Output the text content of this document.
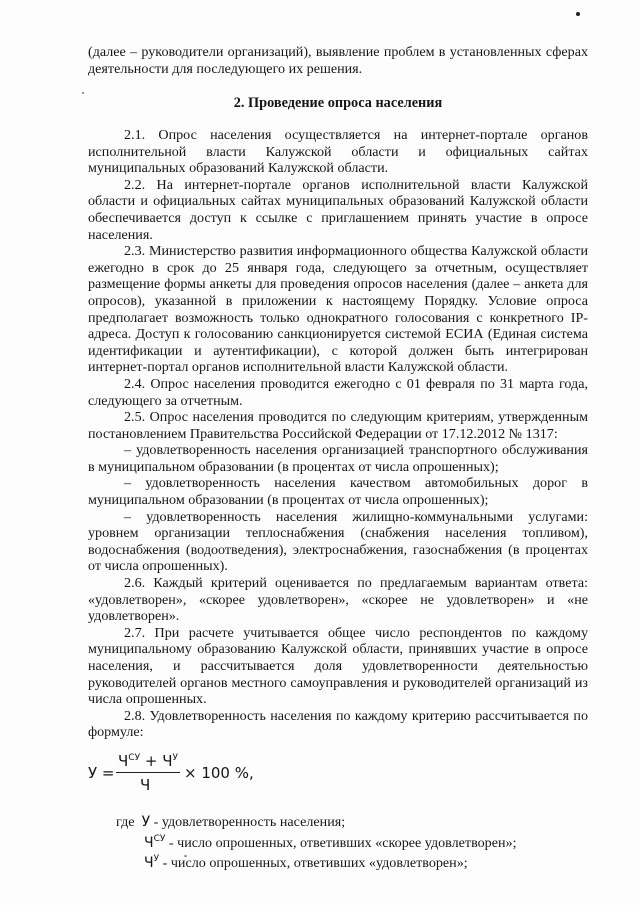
(далее – руководители организаций), выявление проблем в установленных сферах деятельности для последующего их решения.

2. Проведение опроса населения

2.1. Опрос населения осуществляется на интернет-портале органов исполнительной власти Калужской области и официальных сайтах муниципальных образований Калужской области.

2.2. На интернет-портале органов исполнительной власти Калужской области и официальных сайтах муниципальных образований Калужской области обеспечивается доступ к ссылке с приглашением принять участие в опросе населения.

2.3. Министерство развития информационного общества Калужской области ежегодно в срок до 25 января года, следующего за отчетным, осуществляет размещение формы анкеты для проведения опросов населения (далее – анкета для опросов), указанной в приложении к настоящему Порядку. Условие опроса предполагает возможность только однократного голосования с конкретного IP-адреса. Доступ к голосованию санкционируется системой ЕСИА (Единая система идентификации и аутентификации), с которой должен быть интегрирован интернет-портал органов исполнительной власти Калужской области.

2.4. Опрос населения проводится ежегодно с 01 февраля по 31 марта года, следующего за отчетным.

2.5. Опрос населения проводится по следующим критериям, утвержденным постановлением Правительства Российской Федерации от 17.12.2012 № 1317:

– удовлетворенность населения организацией транспортного обслуживания в муниципальном образовании (в процентах от числа опрошенных);

– удовлетворенность населения качеством автомобильных дорог в муниципальном образовании (в процентах от числа опрошенных);

– удовлетворенность населения жилищно-коммунальными услугами: уровнем организации теплоснабжения (снабжения населения топливом), водоснабжения (водоотведения), электроснабжения, газоснабжения (в процентах от числа опрошенных).

2.6. Каждый критерий оценивается по предлагаемым вариантам ответа: «удовлетворен», «скорее удовлетворен», «скорее не удовлетворен» и «не удовлетворен».

2.7. При расчете учитывается общее число респондентов по каждому муниципальному образованию Калужской области, принявших участие в опросе населения, и рассчитывается доля удовлетворенности деятельностью руководителей органов местного самоуправления и руководителей организаций из числа опрошенных.

2.8. Удовлетворенность населения по каждому критерию рассчитывается по формуле:

У =
$Ч^{СУ} + Ч^У$
Ч
× 100 %,
где У - удовлетворенность населения;
$Ч^{СУ}$ - число опрошенных, ответивших «скорее удовлетворен»;
$Ч^У$ - число опрошенных, ответивших «удовлетворен»;
